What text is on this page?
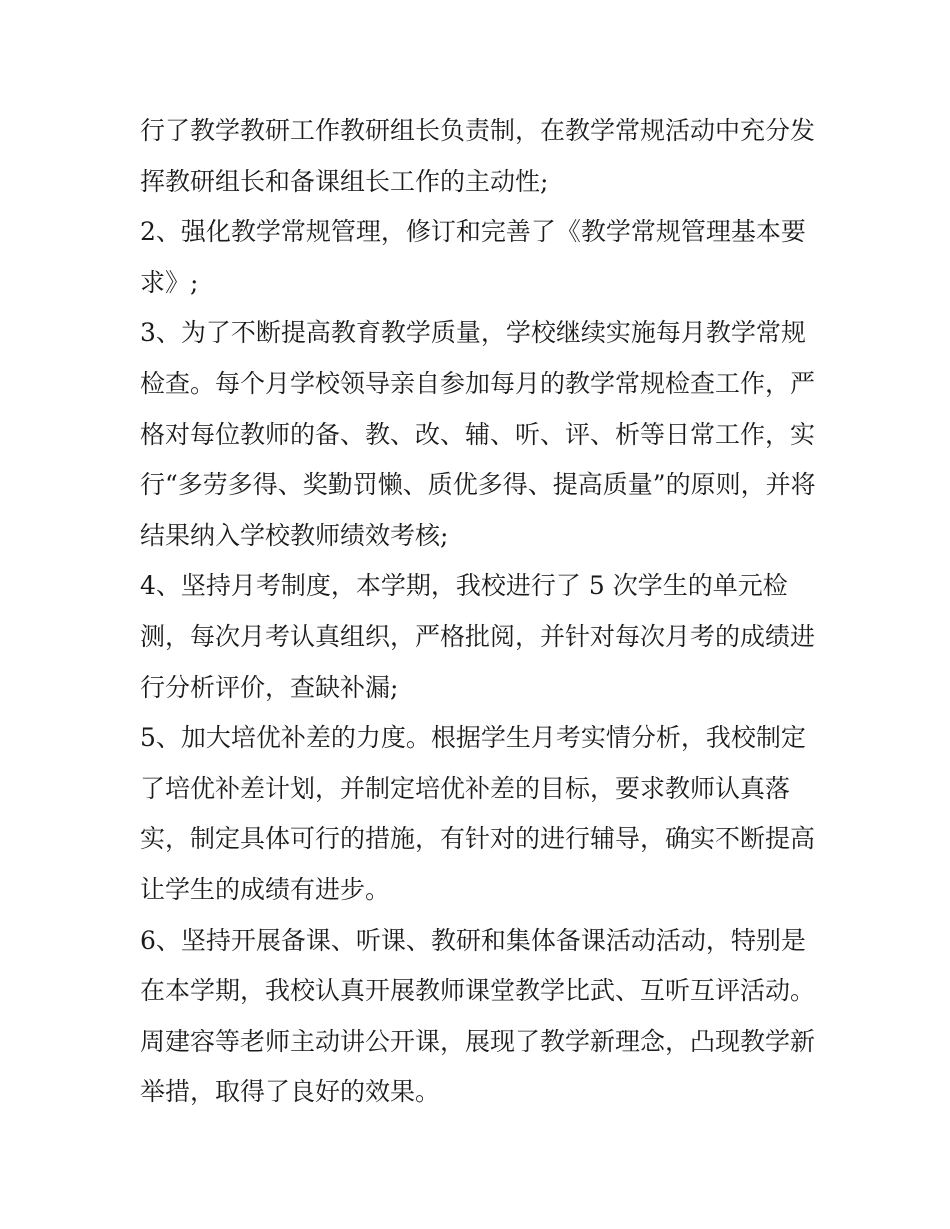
行了教学教研工作教研组长负责制，在教学常规活动中充分发
挥教研组长和备课组长工作的主动性;
2、强化教学常规管理，修订和完善了《教学常规管理基本要
求》;
3、为了不断提高教育教学质量，学校继续实施每月教学常规
检查。每个月学校领导亲自参加每月的教学常规检查工作，严
格对每位教师的备、教、改、辅、听、评、析等日常工作，实
行“多劳多得、奖勤罚懒、质优多得、提高质量”的原则，并将
结果纳入学校教师绩效考核;
4、坚持月考制度，本学期，我校进行了 5 次学生的单元检
测，每次月考认真组织，严格批阅，并针对每次月考的成绩进
行分析评价，查缺补漏;
5、加大培优补差的力度。根据学生月考实情分析，我校制定
了培优补差计划，并制定培优补差的目标，要求教师认真落
实，制定具体可行的措施，有针对的进行辅导，确实不断提高
让学生的成绩有进步。
6、坚持开展备课、听课、教研和集体备课活动活动，特别是
在本学期，我校认真开展教师课堂教学比武、互听互评活动。
周建容等老师主动讲公开课，展现了教学新理念，凸现教学新
举措，取得了良好的效果。
